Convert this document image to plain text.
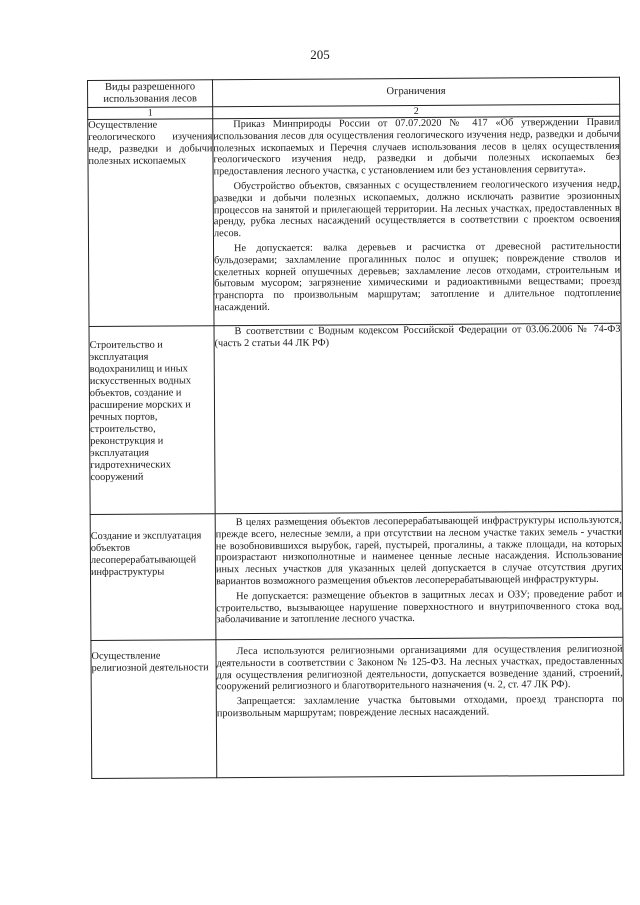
205
Виды разрешенного использования лесов	Ограничения
1	2
Осуществление геологического изучения недр, разведки и добычи полезных ископаемых	Приказ Минприроды России от 07.07.2020 № 417 «Об утверждении Правил использования лесов для осуществления геологического изучения недр, разведки и добычи полезных ископаемых и Перечня случаев использования лесов в целях осуществления геологического изучения недр, разведки и добычи полезных ископаемых без предоставления лесного участка, с установлением или без установления сервитута».

Обустройство объектов, связанных с осуществлением геологического изучения недр, разведки и добычи полезных ископаемых, должно исключать развитие эрозионных процессов на занятой и прилегающей территории. На лесных участках, предоставленных в аренду, рубка лесных насаждений осуществляется в соответствии с проектом освоения лесов.

Не допускается: валка деревьев и расчистка от древесной растительности бульдозерами; захламление прогалинных полос и опушек; повреждение стволов и скелетных корней опушечных деревьев; захламление лесов отходами, строительным и бытовым мусором; загрязнение химическими и радиоактивными веществами; проезд транспорта по произвольным маршрутам; затопление и длительное подтопление насаждений.

Строительство и эксплуатация водохранилищ и иных искусственных водных объектов, создание и расширение морских и речных портов, строительство, реконструкция и эксплуатация гидротехнических сооружений	В соответствии с Водным кодексом Российской Федерации от 03.06.2006 № 74-ФЗ (часть 2 статьи 44 ЛК РФ)

Создание и эксплуатация объектов лесоперерабатывающей инфраструктуры	В целях размещения объектов лесоперерабатывающей инфраструктуры используются, прежде всего, нелесные земли, а при отсутствии на лесном участке таких земель - участки не возобновившихся вырубок, гарей, пустырей, прогалины, а также площади, на которых произрастают низкополнотные и наименее ценные лесные насаждения. Использование иных лесных участков для указанных целей допускается в случае отсутствия других вариантов возможного размещения объектов лесоперерабатывающей инфраструктуры.

Не допускается: размещение объектов в защитных лесах и ОЗУ; проведение работ и строительство, вызывающее нарушение поверхностного и внутрипочвенного стока вод, заболачивание и затопление лесного участка.

Осуществление религиозной деятельности	Леса используются религиозными организациями для осуществления религиозной деятельности в соответствии с Законом № 125-ФЗ. На лесных участках, предоставленных для осуществления религиозной деятельности, допускается возведение зданий, строений, сооружений религиозного и благотворительного назначения (ч. 2, ст. 47 ЛК РФ).

Запрещается: захламление участка бытовыми отходами, проезд транспорта по произвольным маршрутам; повреждение лесных насаждений.
